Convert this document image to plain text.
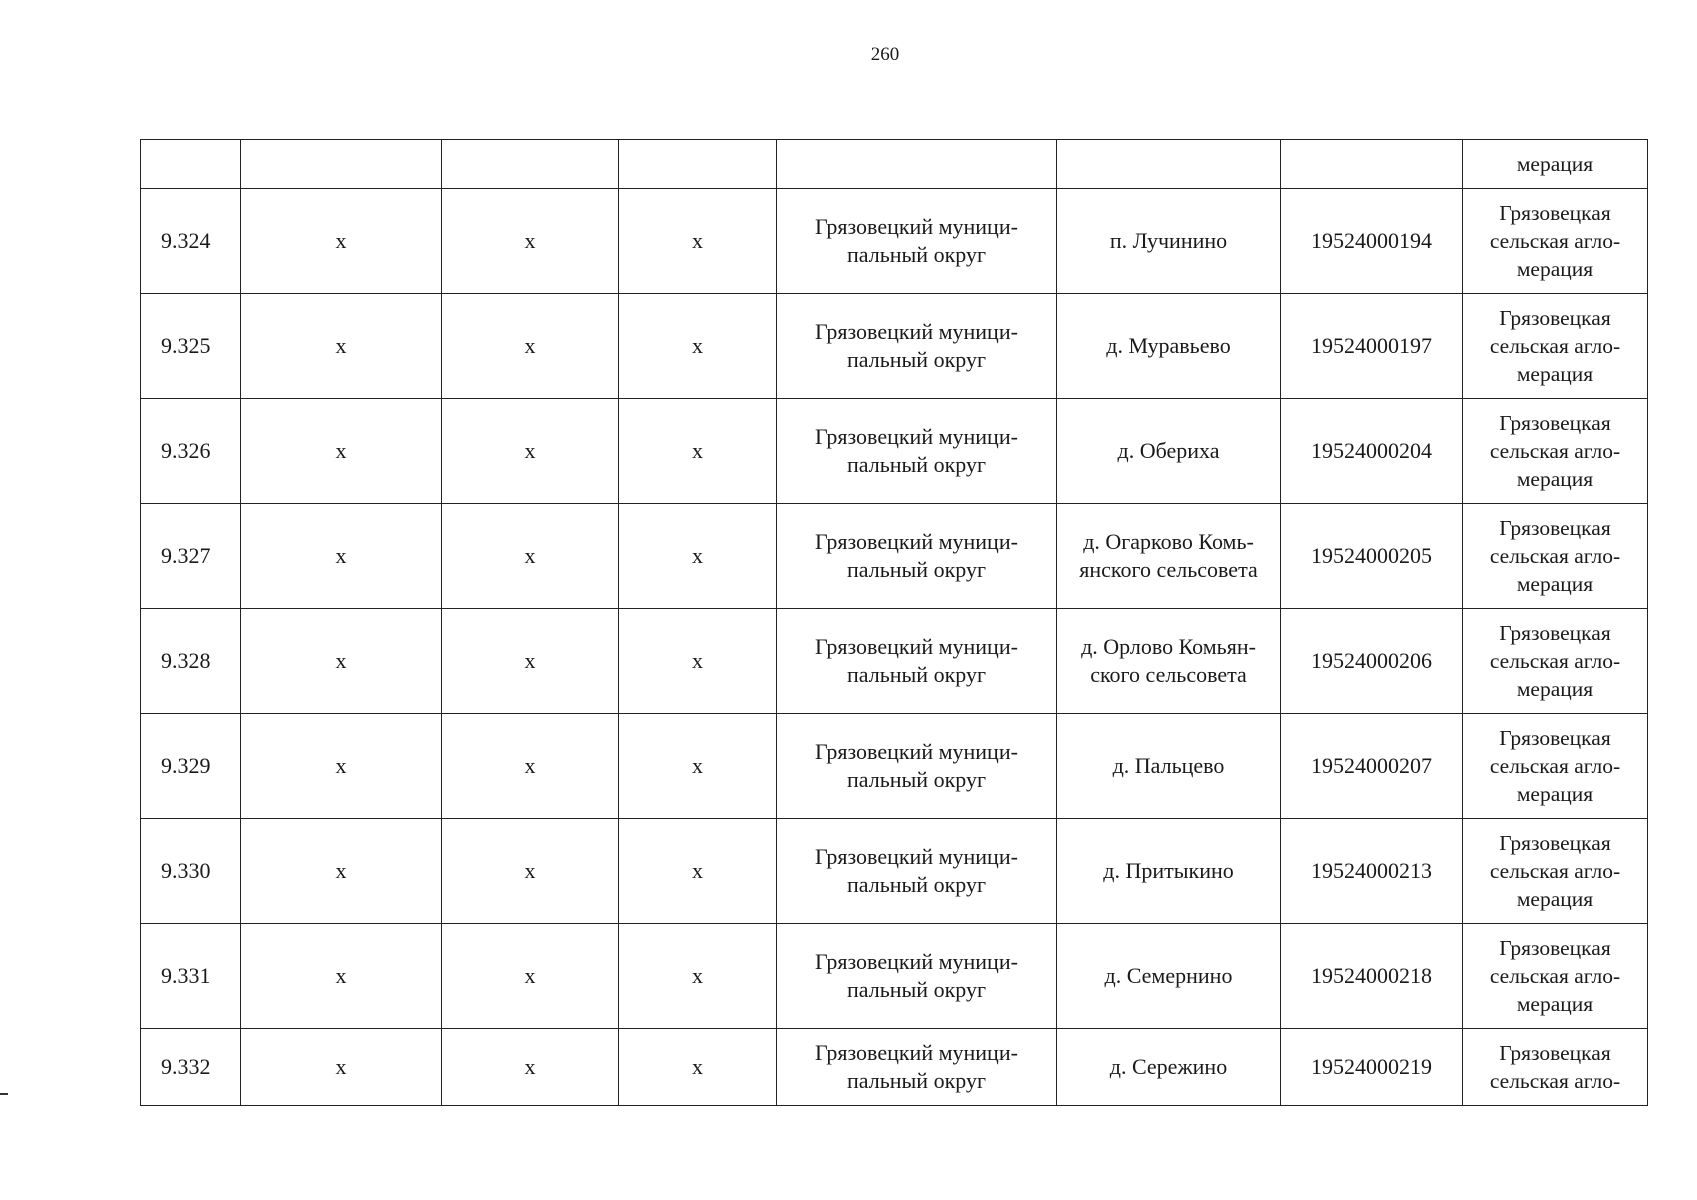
260
							мерация
9.324	x	x	x	Грязовецкий муници-
пальный округ	п. Лучинино	19524000194	Грязовецкая
сельская агло-
мерация

9.325	x	x	x	Грязовецкий муници-
пальный округ	д. Муравьево	19524000197	Грязовецкая
сельская агло-
мерация

9.326	x	x	x	Грязовецкий муници-
пальный округ	д. Обериха	19524000204	Грязовецкая
сельская агло-
мерация

9.327	x	x	x	Грязовецкий муници-
пальный округ	д. Огарково Комь-
янского сельсовета	19524000205	Грязовецкая
сельская агло-
мерация

9.328	x	x	x	Грязовецкий муници-
пальный округ	д. Орлово Комьян-
ского сельсовета	19524000206	Грязовецкая
сельская агло-
мерация

9.329	x	x	x	Грязовецкий муници-
пальный округ	д. Пальцево	19524000207	Грязовецкая
сельская агло-
мерация

9.330	x	x	x	Грязовецкий муници-
пальный округ	д. Притыкино	19524000213	Грязовецкая
сельская агло-
мерация

9.331	x	x	x	Грязовецкий муници-
пальный округ	д. Семернино	19524000218	Грязовецкая
сельская агло-
мерация

9.332	x	x	x	Грязовецкий муници-
пальный округ	д. Сережино	19524000219	Грязовецкая
сельская агло-
